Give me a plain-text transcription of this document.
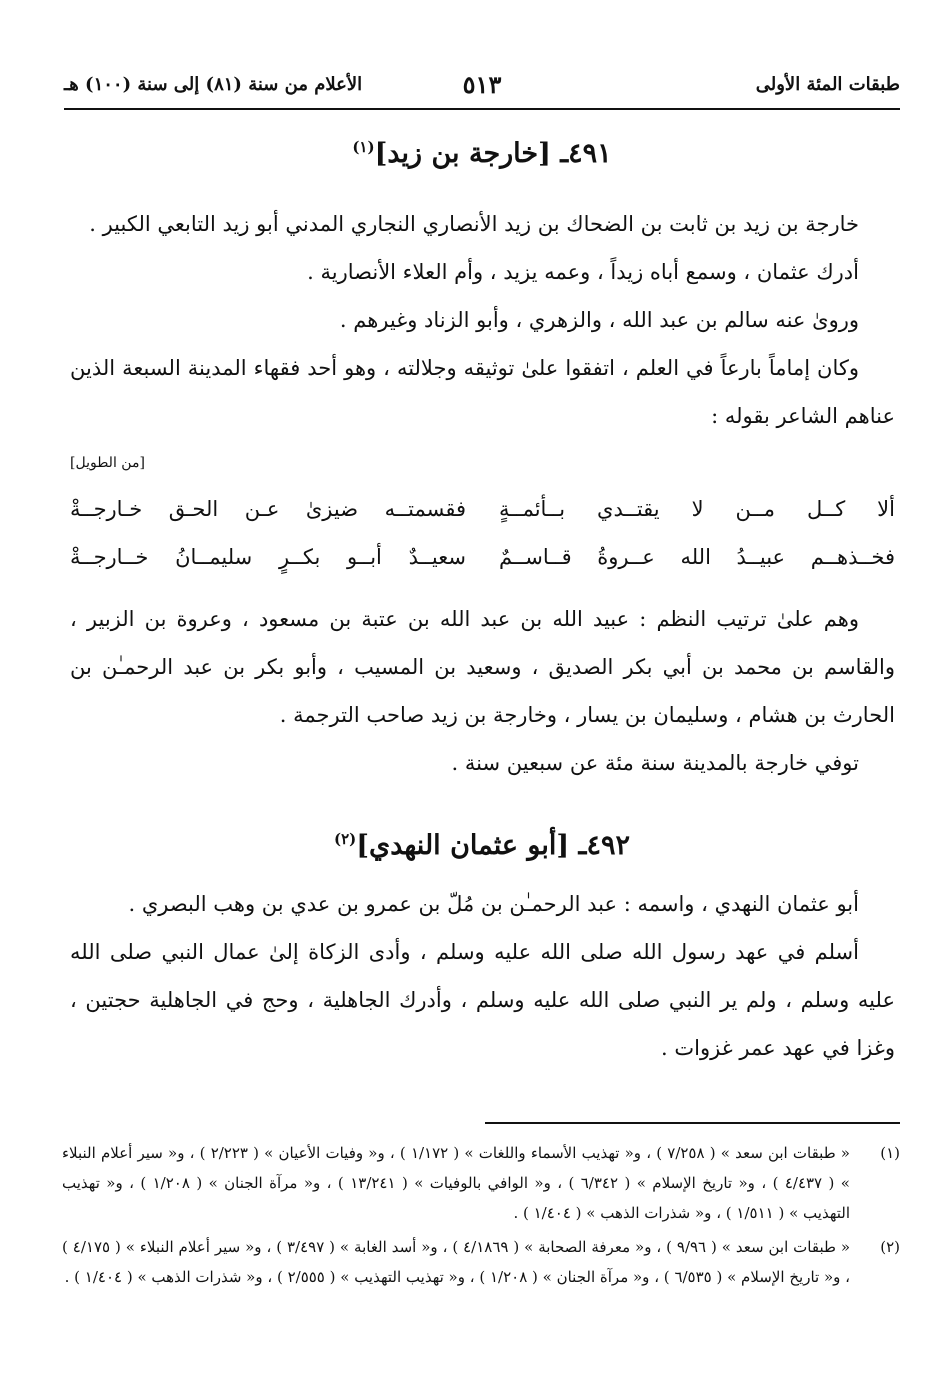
طبقات المئة الأولى
٥١٣
الأعلام من سنة (٨١) إلى سنة (١٠٠) هـ
٤٩١ـ [خارجة بن زيد]$^{(١)}$

خارجة بن زيد بن ثابت بن الضحاك بن زيد الأنصاري النجاري المدني أبو زيد التابعي الكبير .

أدرك عثمان ، وسمع أباه زيداً ، وعمه يزيد ، وأم العلاء الأنصارية .

وروىٰ عنه سالم بن عبد الله ، والزهري ، وأبو الزناد وغيرهم .

وكان إماماً بارعاً في العلم ، اتفقوا علىٰ توثيقه وجلالته ، وهو أحد فقهاء المدينة السبعة الذين عناهم الشاعر بقوله :

[من الطويل]
ألا كــل مــن لا يقتــدي بــأئمــةٍ
فقسمتــه ضيزىٰ عـن الحـق خـارجــةْ
فخــذهــم عبيــدُ الله عــروةُ قــاســمٌ
سعيــدٌ أبــو بكــرٍ سليمــانُ خــارجــةْ

وهم علىٰ ترتيب النظم : عبيد الله بن عبد الله بن عتبة بن مسعود ، وعروة بن الزبير ، والقاسم بن محمد بن أبي بكر الصديق ، وسعيد بن المسيب ، وأبو بكر بن عبد الرحمـٰن بن الحارث بن هشام ، وسليمان بن يسار ، وخارجة بن زيد صاحب الترجمة .

توفي خارجة بالمدينة سنة مئة عن سبعين سنة .

٤٩٢ـ [أبو عثمان النهدي]$^{(٢)}$

أبو عثمان النهدي ، واسمه : عبد الرحمـٰن بن مُلّ بن عمرو بن عدي بن وهب البصري .

أسلم في عهد رسول الله صلى الله عليه وسلم ، وأدى الزكاة إلىٰ عمال النبي صلى الله عليه وسلم ، ولم ير النبي صلى الله عليه وسلم ، وأدرك الجاهلية ، وحج في الجاهلية حجتين ، وغزا في عهد عمر غزوات .

(١)
« طبقات ابن سعد » ( ٧/٢٥٨ ) ، و« تهذيب الأسماء واللغات » ( ١/١٧٢ ) ، و« وفيات الأعيان » ( ٢/٢٢٣ ) ، و« سير أعلام النبلاء » ( ٤/٤٣٧ ) ، و« تاريخ الإسلام » ( ٦/٣٤٢ ) ، و« الوافي بالوفيات » ( ١٣/٢٤١ ) ، و« مرآة الجنان » ( ١/٢٠٨ ) ، و« تهذيب التهذيب » ( ١/٥١١ ) ، و« شذرات الذهب » ( ١/٤٠٤ ) .
(٢)
« طبقات ابن سعد » ( ٩/٩٦ ) ، و« معرفة الصحابة » ( ٤/١٨٦٩ ) ، و« أسد الغابة » ( ٣/٤٩٧ ) ، و« سير أعلام النبلاء » ( ٤/١٧٥ ) ، و« تاريخ الإسلام » ( ٦/٥٣٥ ) ، و« مرآة الجنان » ( ١/٢٠٨ ) ، و« تهذيب التهذيب » ( ٢/٥٥٥ ) ، و« شذرات الذهب » ( ١/٤٠٤ ) .
